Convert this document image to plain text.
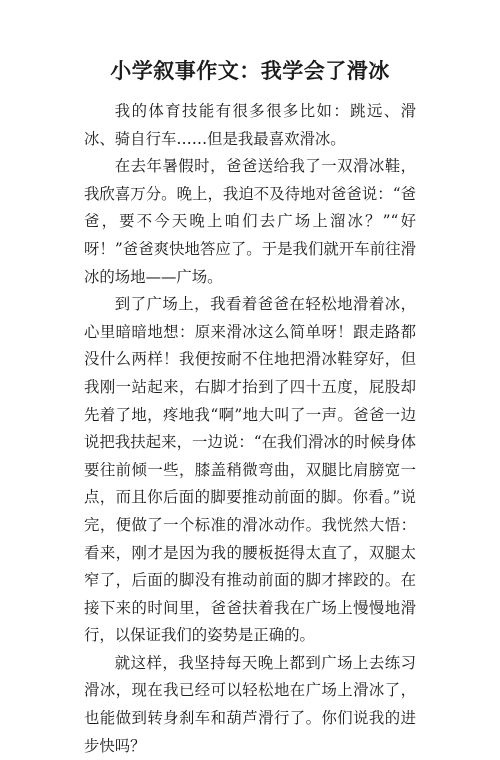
小学叙事作文：我学会了滑冰

我的体育技能有很多很多比如：跳远、滑冰、骑自行车……但是我最喜欢滑冰。

在去年暑假时，爸爸送给我了一双滑冰鞋，我欣喜万分。晚上，我迫不及待地对爸爸说：“爸爸，要不今天晚上咱们去广场上溜冰？”“好呀！”爸爸爽快地答应了。于是我们就开车前往滑冰的场地——广场。

到了广场上，我看着爸爸在轻松地滑着冰，心里暗暗地想：原来滑冰这么简单呀！跟走路都没什么两样！我便按耐不住地把滑冰鞋穿好，但我刚一站起来，右脚才抬到了四十五度，屁股却先着了地，疼地我“啊”地大叫了一声。爸爸一边说把我扶起来，一边说：“在我们滑冰的时候身体要往前倾一些，膝盖稍微弯曲，双腿比肩膀宽一点，而且你后面的脚要推动前面的脚。你看。”说完，便做了一个标准的滑冰动作。我恍然大悟：看来，刚才是因为我的腰板挺得太直了，双腿太窄了，后面的脚没有推动前面的脚才摔跤的。在接下来的时间里，爸爸扶着我在广场上慢慢地滑行，以保证我们的姿势是正确的。

就这样，我坚持每天晚上都到广场上去练习滑冰，现在我已经可以轻松地在广场上滑冰了，也能做到转身刹车和葫芦滑行了。你们说我的进步快吗？
